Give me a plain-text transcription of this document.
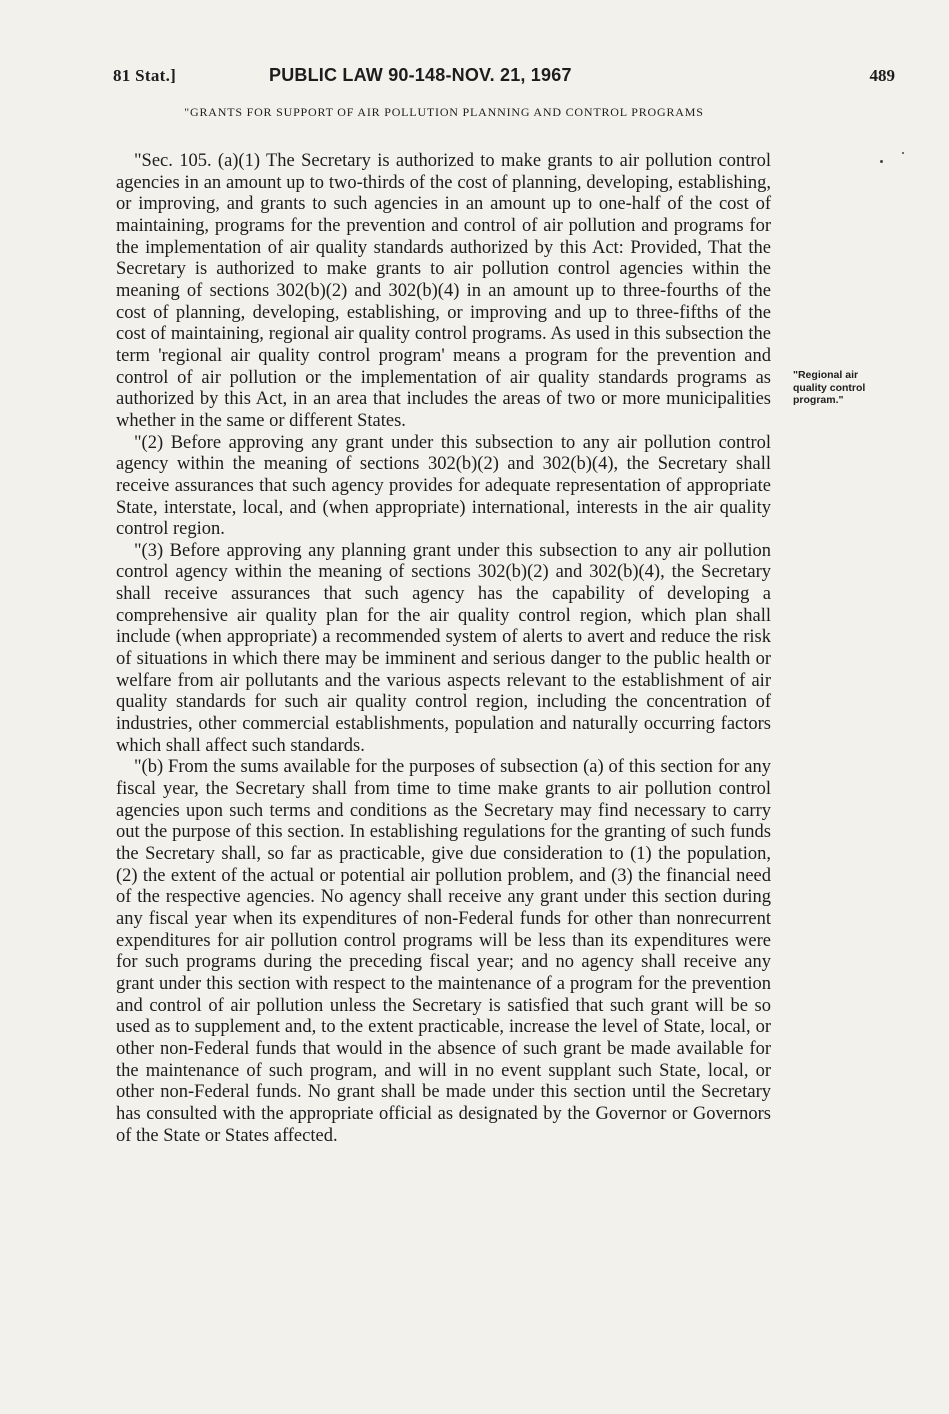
81 Stat.]	PUBLIC LAW 90-148-NOV. 21, 1967	489
"GRANTS FOR SUPPORT OF AIR POLLUTION PLANNING AND CONTROL PROGRAMS

"Sec. 105. (a)(1) The Secretary is authorized to make grants to air pollution control agencies in an amount up to two-thirds of the cost of planning, developing, establishing, or improving, and grants to such agencies in an amount up to one-half of the cost of maintaining, programs for the prevention and control of air pollution and programs for the implementation of air quality standards authorized by this Act: Provided, That the Secretary is authorized to make grants to air pollution control agencies within the meaning of sections 302(b)(2) and 302(b)(4) in an amount up to three-fourths of the cost of planning, developing, establishing, or improving and up to three-fifths of the cost of maintaining, regional air quality control programs. As used in this subsection the term 'regional air quality control program' means a program for the prevention and control of air pollution or the implementation of air quality standards programs as authorized by this Act, in an area that includes the areas of two or more municipalities whether in the same or different States.

"(2) Before approving any grant under this subsection to any air pollution control agency within the meaning of sections 302(b)(2) and 302(b)(4), the Secretary shall receive assurances that such agency provides for adequate representation of appropriate State, interstate, local, and (when appropriate) international, interests in the air quality control region.

"(3) Before approving any planning grant under this subsection to any air pollution control agency within the meaning of sections 302(b)(2) and 302(b)(4), the Secretary shall receive assurances that such agency has the capability of developing a comprehensive air quality plan for the air quality control region, which plan shall include (when appropriate) a recommended system of alerts to avert and reduce the risk of situations in which there may be imminent and serious danger to the public health or welfare from air pollutants and the various aspects relevant to the establishment of air quality standards for such air quality control region, including the concentration of industries, other commercial establishments, population and naturally occurring factors which shall affect such standards.

"(b) From the sums available for the purposes of subsection (a) of this section for any fiscal year, the Secretary shall from time to time make grants to air pollution control agencies upon such terms and conditions as the Secretary may find necessary to carry out the purpose of this section. In establishing regulations for the granting of such funds the Secretary shall, so far as practicable, give due consideration to (1) the population, (2) the extent of the actual or potential air pollution problem, and (3) the financial need of the respective agencies. No agency shall receive any grant under this section during any fiscal year when its expenditures of non-Federal funds for other than nonrecurrent expenditures for air pollution control programs will be less than its expenditures were for such programs during the preceding fiscal year; and no agency shall receive any grant under this section with respect to the maintenance of a program for the prevention and control of air pollution unless the Secretary is satisfied that such grant will be so used as to supplement and, to the extent practicable, increase the level of State, local, or other non-Federal funds that would in the absence of such grant be made available for the maintenance of such program, and will in no event supplant such State, local, or other non-Federal funds. No grant shall be made under this section until the Secretary has consulted with the appropriate official as designated by the Governor or Governors of the State or States affected.

"Regional air
quality control
program."
